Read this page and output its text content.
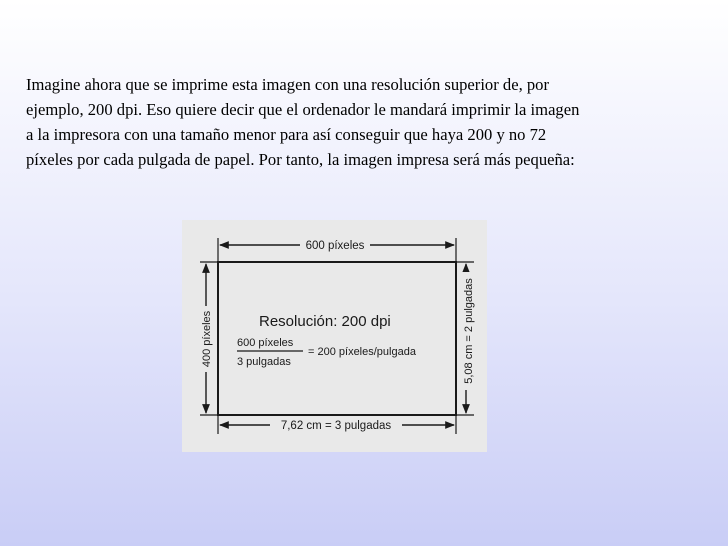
Imagine ahora que se imprime esta imagen con una resolución superior de, por
ejemplo, 200 dpi. Eso quiere decir que el ordenador le mandará imprimir la imagen
a la impresora con una tamaño menor para así conseguir que haya 200 y no 72
píxeles por cada pulgada de papel. Por tanto, la imagen impresa será más pequeña:
600 píxeles
7,62 cm = 3 pulgadas
400 píxeles	5,08 cm = 2 pulgadas
Resolución: 200 dpi
600 píxeles
3 pulgadas
= 200 píxeles/pulgada
